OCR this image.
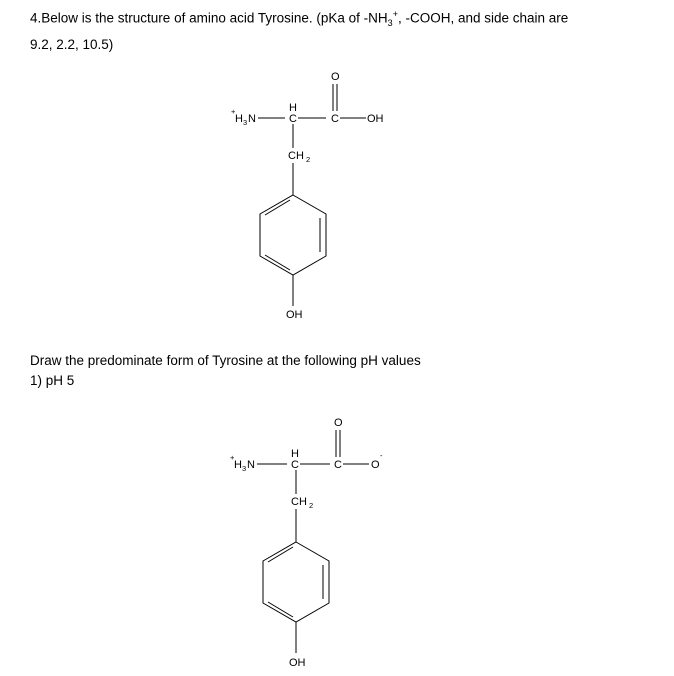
4.Below is the structure of amino acid Tyrosine. (pKa of $-NH_3^+$, -COOH, and side chain are
9.2, 2.2, 10.5)
+
H 3 N
H
C
O
C	OH
CH 2
OH

Draw the predominate form of Tyrosine at the following pH values

1) pH 5

+
H 3 N
H
C
O
C	O
-
CH 2
OH
